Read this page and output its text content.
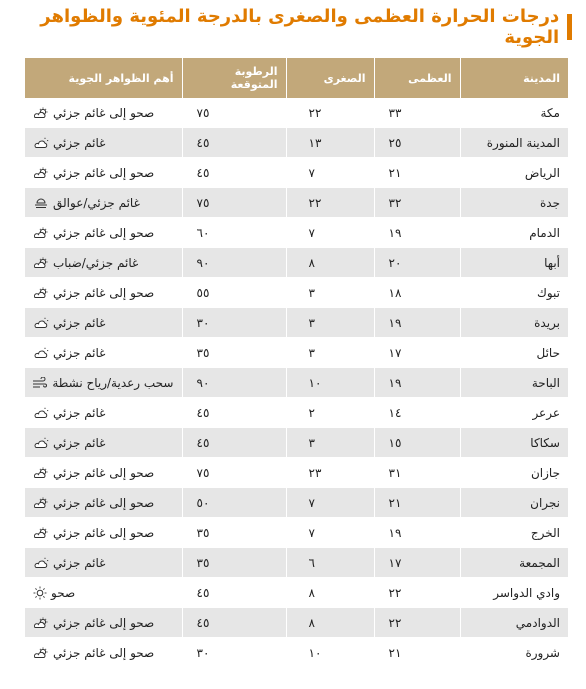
درجات الحرارة العظمى والصغرى بالدرجة المئوية والظواهر الجوية
المدينة	العظمى	الصغرى	الرطوبة المتوقعة	أهم الظواهر الجوية
مكة	٣٣	٢٢	٧٥	صحو إلى غائم جزئي

المدينة المنورة	٢٥	١٣	٤٥	غائم جزئي

الرياض	٢١	٧	٤٥	صحو إلى غائم جزئي

جدة	٣٢	٢٢	٧٥	غائم جزئي/عوالق

الدمام	١٩	٧	٦٠	صحو إلى غائم جزئي

أبها	٢٠	٨	٩٠	غائم جزئي/ضباب

تبوك	١٨	٣	٥٥	صحو إلى غائم جزئي

بريدة	١٩	٣	٣٠	غائم جزئي

حائل	١٧	٣	٣٥	غائم جزئي

الباحة	١٩	١٠	٩٠	سحب رعدية/رياح نشطة

عرعر	١٤	٢	٤٥	غائم جزئي

سكاكا	١٥	٣	٤٥	غائم جزئي

جازان	٣١	٢٣	٧٥	صحو إلى غائم جزئي

نجران	٢١	٧	٥٠	صحو إلى غائم جزئي

الخرج	١٩	٧	٣٥	صحو إلى غائم جزئي

المجمعة	١٧	٦	٣٥	غائم جزئي

وادي الدواسر	٢٢	٨	٤٥	صحو

الدوادمي	٢٢	٨	٤٥	صحو إلى غائم جزئي

شرورة	٢١	١٠	٣٠	صحو إلى غائم جزئي
